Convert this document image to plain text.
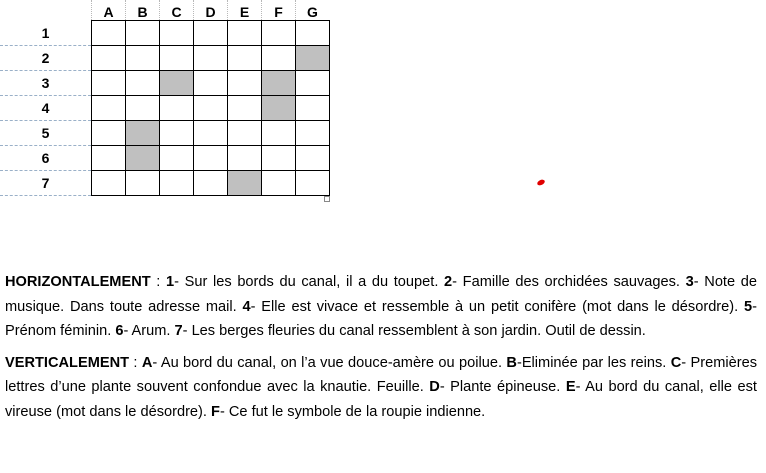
	A	B	C	D	E	F	G
1							
2							
3							
4							
5							
6							
7							

HORIZONTALEMENT : 1- Sur les bords du canal, il a du toupet. 2- Famille des orchidées sauvages. 3- Note de musique. Dans toute adresse mail. 4- Elle est vivace et ressemble à un petit conifère (mot dans le désordre). 5-Prénom féminin. 6- Arum. 7- Les berges fleuries du canal ressemblent à son jardin. Outil de dessin.

VERTICALEMENT : A- Au bord du canal, on l’a vue douce-amère ou poilue. B-Eliminée par les reins. C- Premières lettres d’une plante souvent confondue avec la knautie. Feuille. D- Plante épineuse. E- Au bord du canal, elle est vireuse (mot dans le désordre). F- Ce fut le symbole de la roupie indienne.
